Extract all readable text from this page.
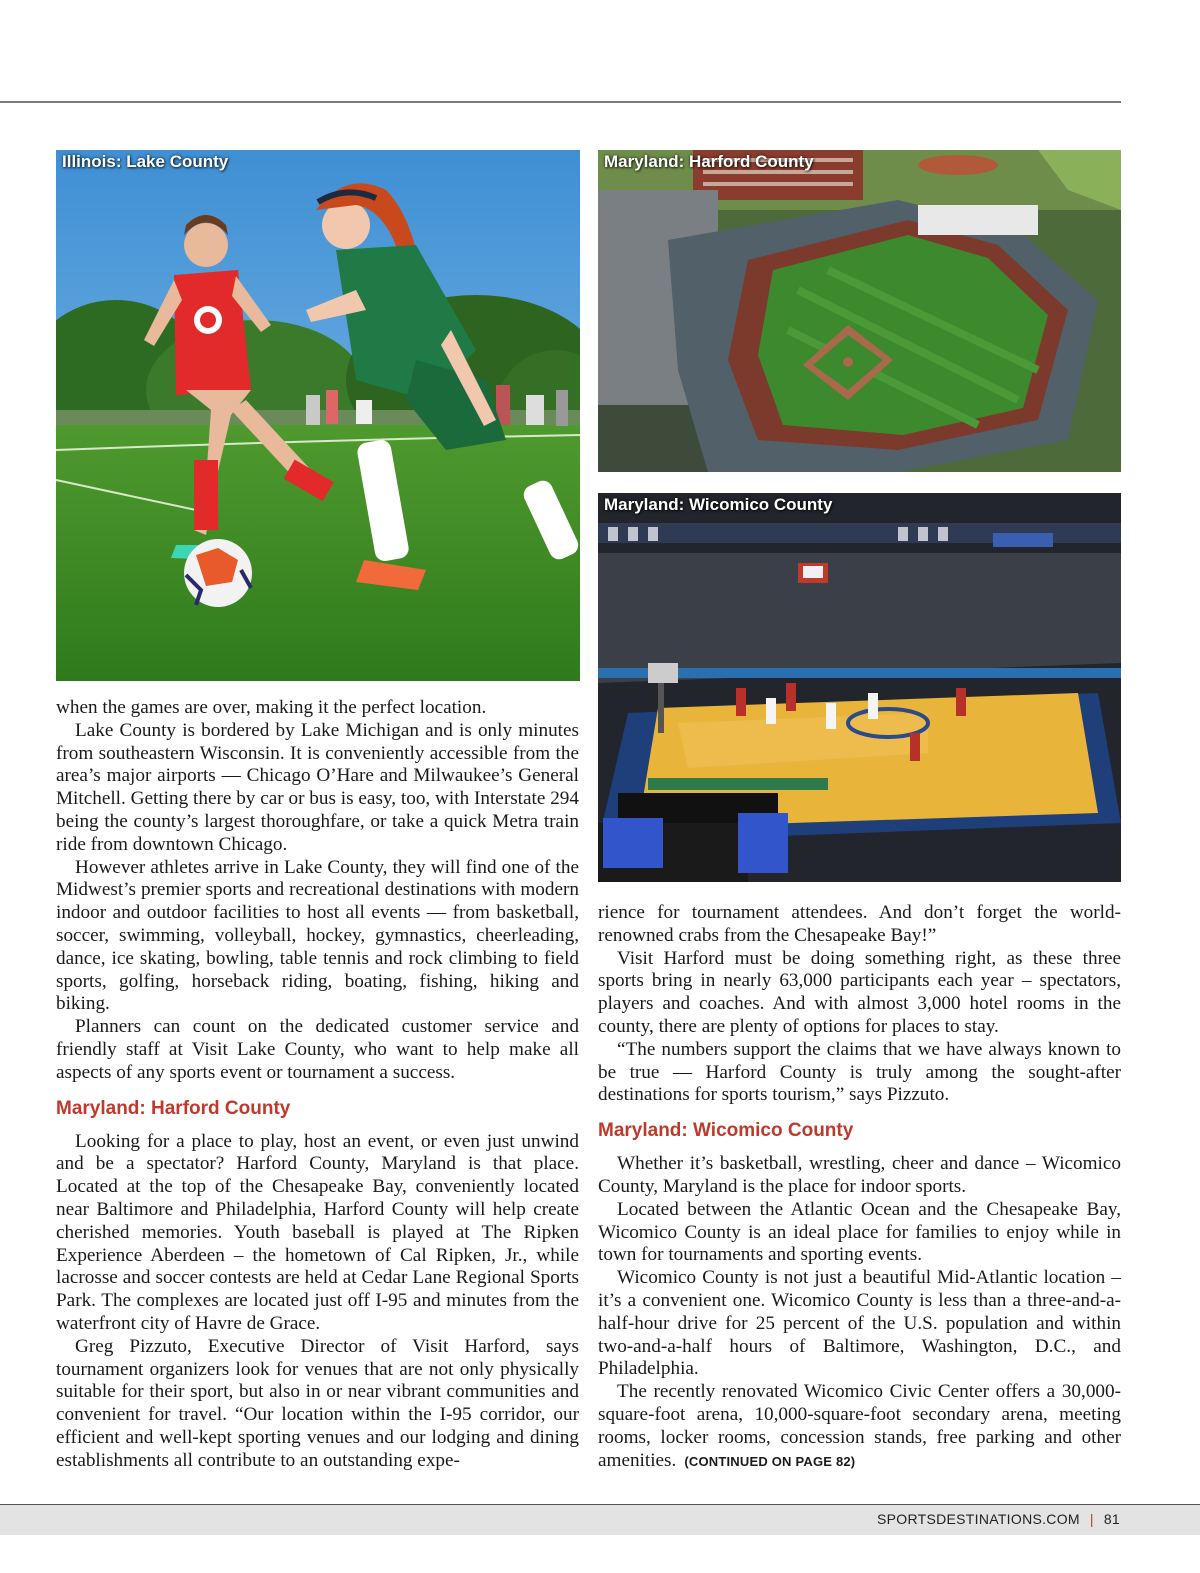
Illinois: Lake County	Maryland: Harford County
Maryland: Wicomico County

when the games are over, making it the perfect location.

Lake County is bordered by Lake Michigan and is only minutes from southeastern Wisconsin. It is conveniently accessible from the area’s major airports — Chicago O’Hare and Milwaukee’s General Mitchell. Getting there by car or bus is easy, too, with Interstate 294 being the county’s largest thoroughfare, or take a quick Metra train ride from downtown Chicago.

However athletes arrive in Lake County, they will find one of the Midwest’s premier sports and recreational destinations with modern indoor and outdoor facilities to host all events — from basketball, soccer, swimming, volleyball, hockey, gymnastics, cheerleading, dance, ice skating, bowling, table tennis and rock climbing to field sports, golfing, horseback riding, boating, fishing, hiking and biking.

Planners can count on the dedicated customer service and friendly staff at Visit Lake County, who want to help make all aspects of any sports event or tournament a success.

Maryland: Harford County

Looking for a place to play, host an event, or even just unwind and be a spectator? Harford County, Maryland is that place. Located at the top of the Chesapeake Bay, conveniently located near Baltimore and Philadelphia, Harford County will help create cherished memories. Youth baseball is played at The Ripken Experience Aberdeen – the hometown of Cal Ripken, Jr., while lacrosse and soccer contests are held at Cedar Lane Regional Sports Park. The complexes are located just off I-95 and minutes from the waterfront city of Havre de Grace.

Greg Pizzuto, Executive Director of Visit Harford, says tournament organizers look for venues that are not only physically suitable for their sport, but also in or near vibrant communities and convenient for travel. “Our location within the I-95 corridor, our efficient and well-kept sporting venues and our lodging and dining establishments all contribute to an outstanding expe-

rience for tournament attendees. And don’t forget the world-renowned crabs from the Chesapeake Bay!”

Visit Harford must be doing something right, as these three sports bring in nearly 63,000 participants each year – spectators, players and coaches. And with almost 3,000 hotel rooms in the county, there are plenty of options for places to stay.

“The numbers support the claims that we have always known to be true — Harford County is truly among the sought-after destinations for sports tourism,” says Pizzuto.

Maryland: Wicomico County

Whether it’s basketball, wrestling, cheer and dance – Wicomico County, Maryland is the place for indoor sports.

Located between the Atlantic Ocean and the Chesapeake Bay, Wicomico County is an ideal place for families to enjoy while in town for tournaments and sporting events.

Wicomico County is not just a beautiful Mid-Atlantic location – it’s a convenient one. Wicomico County is less than a three-and-a-half-hour drive for 25 percent of the U.S. population and within two-and-a-half hours of Baltimore, Washington, D.C., and Philadelphia.

The recently renovated Wicomico Civic Center offers a 30,000-square-foot arena, 10,000-square-foot secondary arena, meeting rooms, locker rooms, concession stands, free parking and other amenities. (CONTINUED ON PAGE 82)

SPORTSDESTINATIONS.COM | 81
